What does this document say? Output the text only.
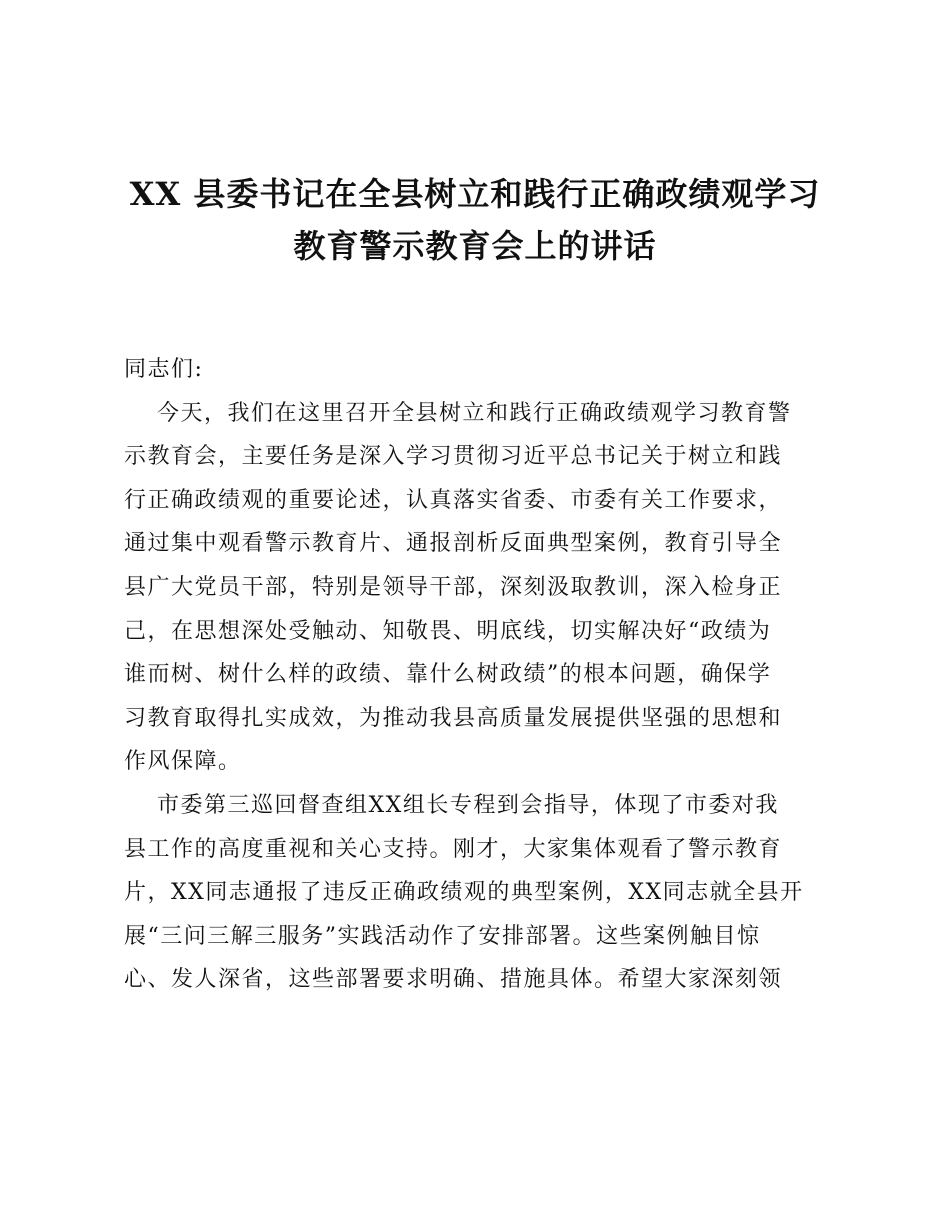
XX 县委书记在全县树立和践行正确政绩观学习
教育警示教育会上的讲话
同志们:
今天，我们在这里召开全县树立和践行正确政绩观学习教育警
示教育会，主要任务是深入学习贯彻习近平总书记关于树立和践
行正确政绩观的重要论述，认真落实省委、市委有关工作要求，
通过集中观看警示教育片、通报剖析反面典型案例，教育引导全
县广大党员干部，特别是领导干部，深刻汲取教训，深入检身正
己，在思想深处受触动、知敬畏、明底线，切实解决好“政绩为
谁而树、树什么样的政绩、靠什么树政绩”的根本问题，确保学
习教育取得扎实成效，为推动我县高质量发展提供坚强的思想和
作风保障。
市委第三巡回督查组XX组长专程到会指导，体现了市委对我
县工作的高度重视和关心支持。刚才，大家集体观看了警示教育
片，XX同志通报了违反正确政绩观的典型案例，XX同志就全县开
展“三问三解三服务”实践活动作了安排部署。这些案例触目惊
心、发人深省，这些部署要求明确、措施具体。希望大家深刻领
